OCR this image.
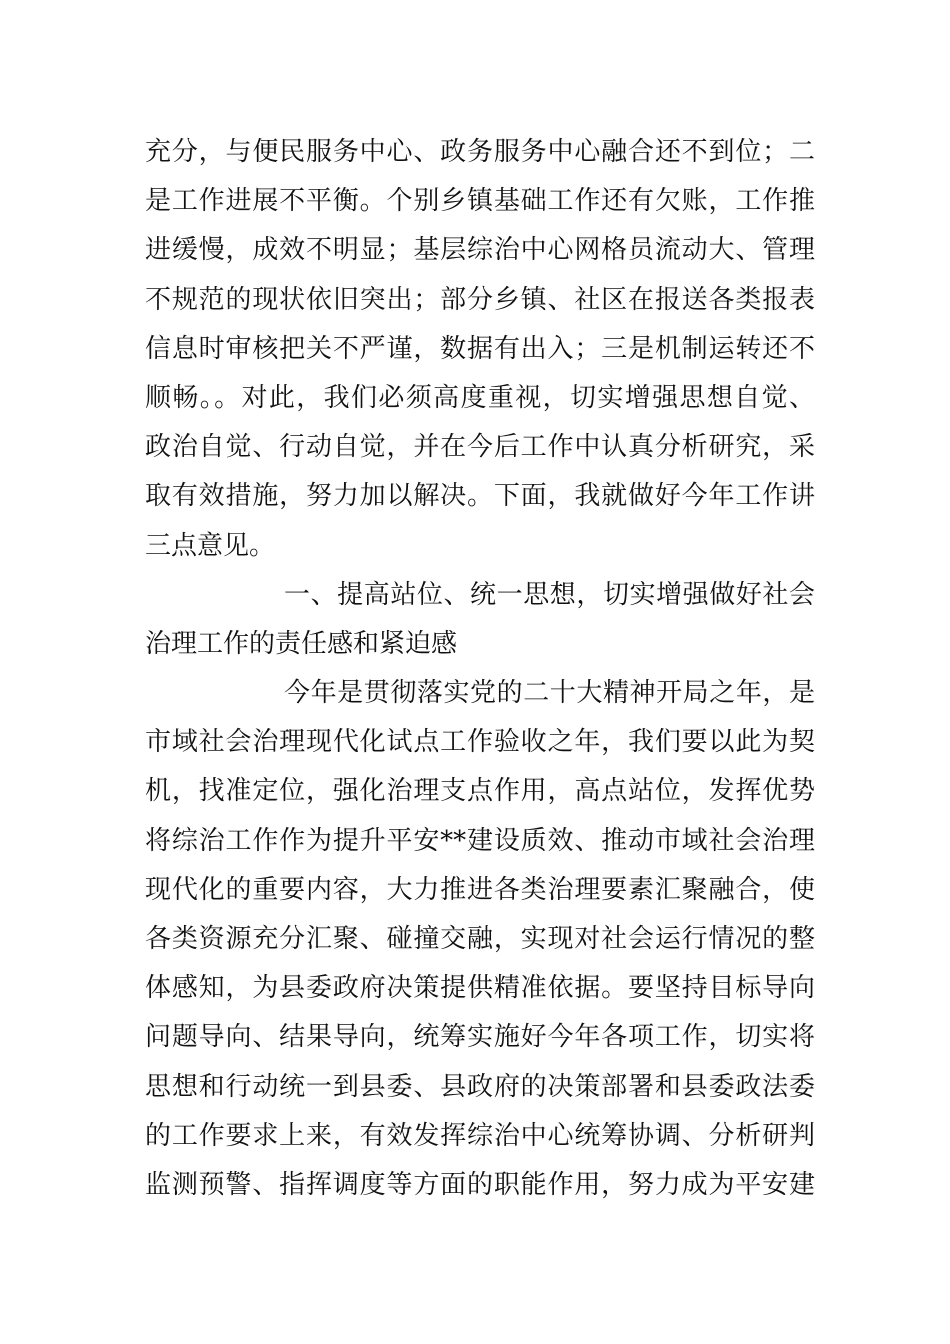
充分，与便民服务中心、政务服务中心融合还不到位；二
是工作进展不平衡。个别乡镇基础工作还有欠账，工作推
进缓慢，成效不明显；基层综治中心网格员流动大、管理
不规范的现状依旧突出；部分乡镇、社区在报送各类报表
信息时审核把关不严谨，数据有出入；三是机制运转还不
顺畅。。对此，我们必须高度重视，切实增强思想自觉、
政治自觉、行动自觉，并在今后工作中认真分析研究，采
取有效措施，努力加以解决。下面，我就做好今年工作讲
三点意见。
一、提高站位、统一思想，切实增强做好社会
治理工作的责任感和紧迫感
今年是贯彻落实党的二十大精神开局之年，是
市域社会治理现代化试点工作验收之年，我们要以此为契
机，找准定位，强化治理支点作用，高点站位，发挥优势
将综治工作作为提升平安**建设质效、推动市域社会治理
现代化的重要内容，大力推进各类治理要素汇聚融合，使
各类资源充分汇聚、碰撞交融，实现对社会运行情况的整
体感知，为县委政府决策提供精准依据。要坚持目标导向
问题导向、结果导向，统筹实施好今年各项工作，切实将
思想和行动统一到县委、县政府的决策部署和县委政法委
的工作要求上来，有效发挥综治中心统筹协调、分析研判
监测预警、指挥调度等方面的职能作用，努力成为平安建
